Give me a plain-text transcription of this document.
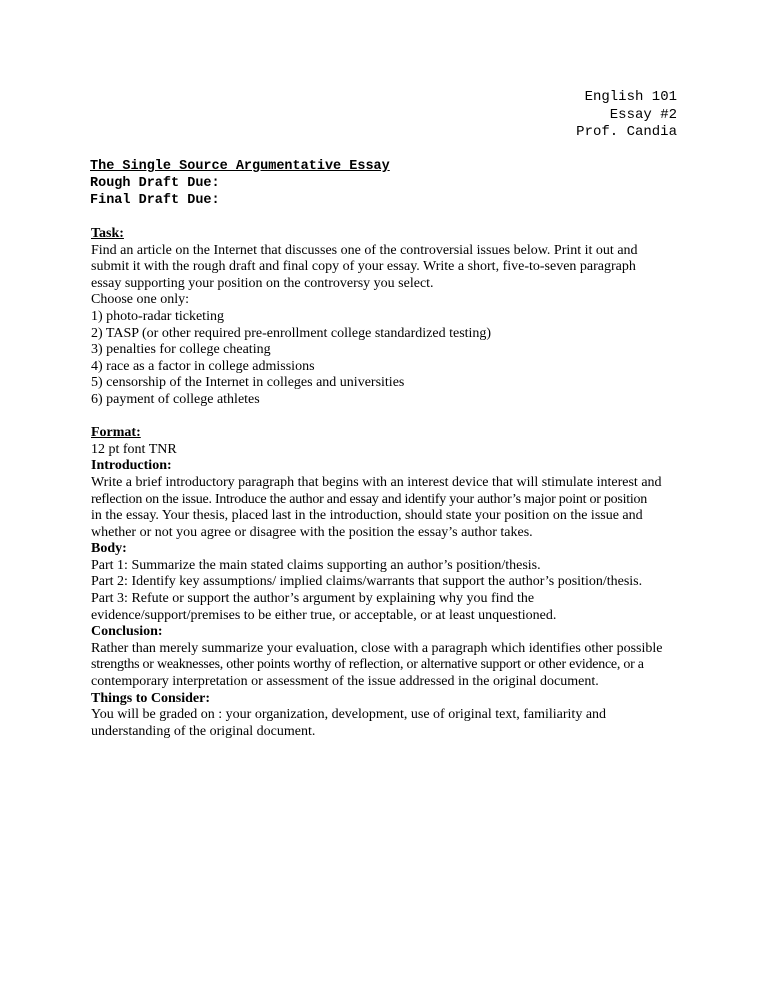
English 101
Essay #2
Prof. Candia
The Single Source Argumentative Essay
Rough Draft Due:
Final Draft Due:

Task:

Find an article on the Internet that discusses one of the controversial issues below. Print it out and

submit it with the rough draft and final copy of your essay. Write a short, five-to-seven paragraph

essay supporting your position on the controversy you select.

Choose one only:

1) photo-radar ticketing

2) TASP (or other required pre-enrollment college standardized testing)

3) penalties for college cheating

4) race as a factor in college admissions

5) censorship of the Internet in colleges and universities

6) payment of college athletes

Format:

12 pt font TNR

Introduction:

Write a brief introductory paragraph that begins with an interest device that will stimulate interest and

reflection on the issue. Introduce the author and essay and identify your author’s major point or position

in the essay. Your thesis, placed last in the introduction, should state your position on the issue and

whether or not you agree or disagree with the position the essay’s author takes.

Body:

Part 1: Summarize the main stated claims supporting an author’s position/thesis.

Part 2: Identify key assumptions/ implied claims/warrants that support the author’s position/thesis.

Part 3: Refute or support the author’s argument by explaining why you find the

evidence/support/premises to be either true, or acceptable, or at least unquestioned.

Conclusion:

Rather than merely summarize your evaluation, close with a paragraph which identifies other possible

strengths or weaknesses, other points worthy of reflection, or alternative support or other evidence, or a

contemporary interpretation or assessment of the issue addressed in the original document.

Things to Consider:

You will be graded on : your organization, development, use of original text, familiarity and

understanding of the original document.
